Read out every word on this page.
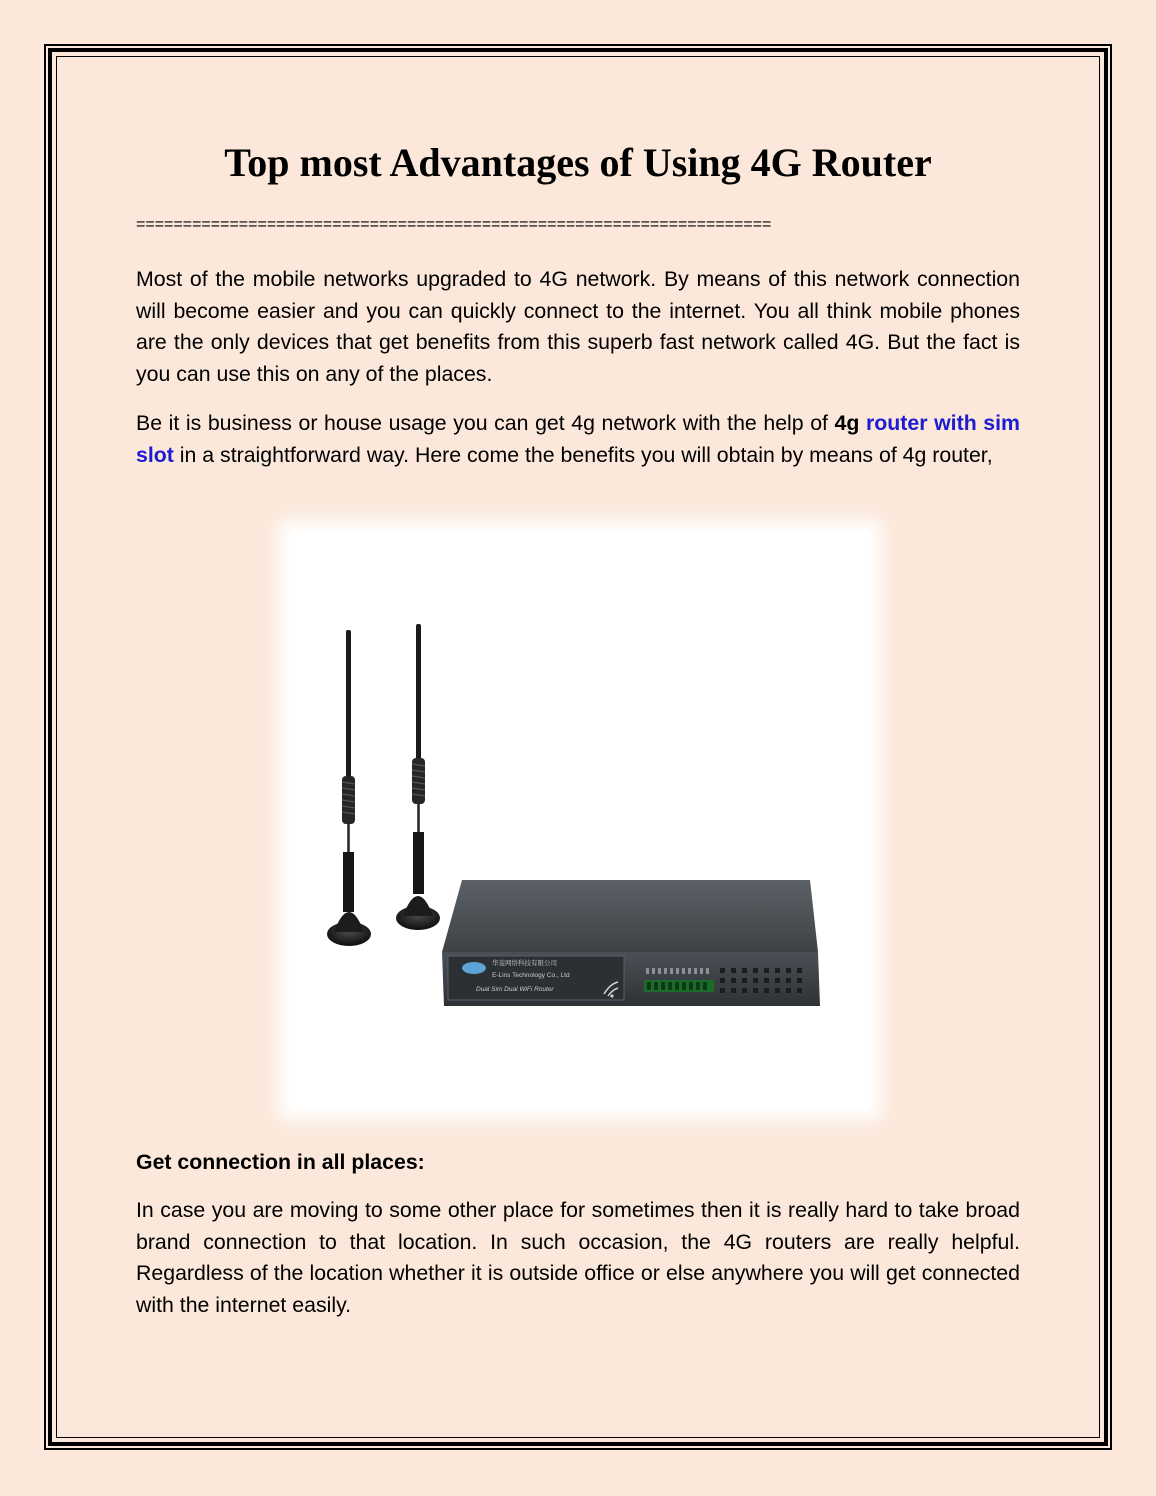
Top most Advantages of Using 4G Router
====================================================================

Most of the mobile networks upgraded to 4G network. By means of this network connection will become easier and you can quickly connect to the internet. You all think mobile phones are the only devices that get benefits from this superb fast network called 4G. But the fact is you can use this on any of the places.

Be it is business or house usage you can get 4g network with the help of 4g router with sim slot in a straightforward way. Here come the benefits you will obtain by means of 4g router,

华菱网络科技有限公司
E-Lins Technology Co., Ltd
Dual Sim Dual WiFi Router
Get connection in all places:

In case you are moving to some other place for sometimes then it is really hard to take broad brand connection to that location. In such occasion, the 4G routers are really helpful. Regardless of the location whether it is outside office or else anywhere you will get connected with the internet easily.
